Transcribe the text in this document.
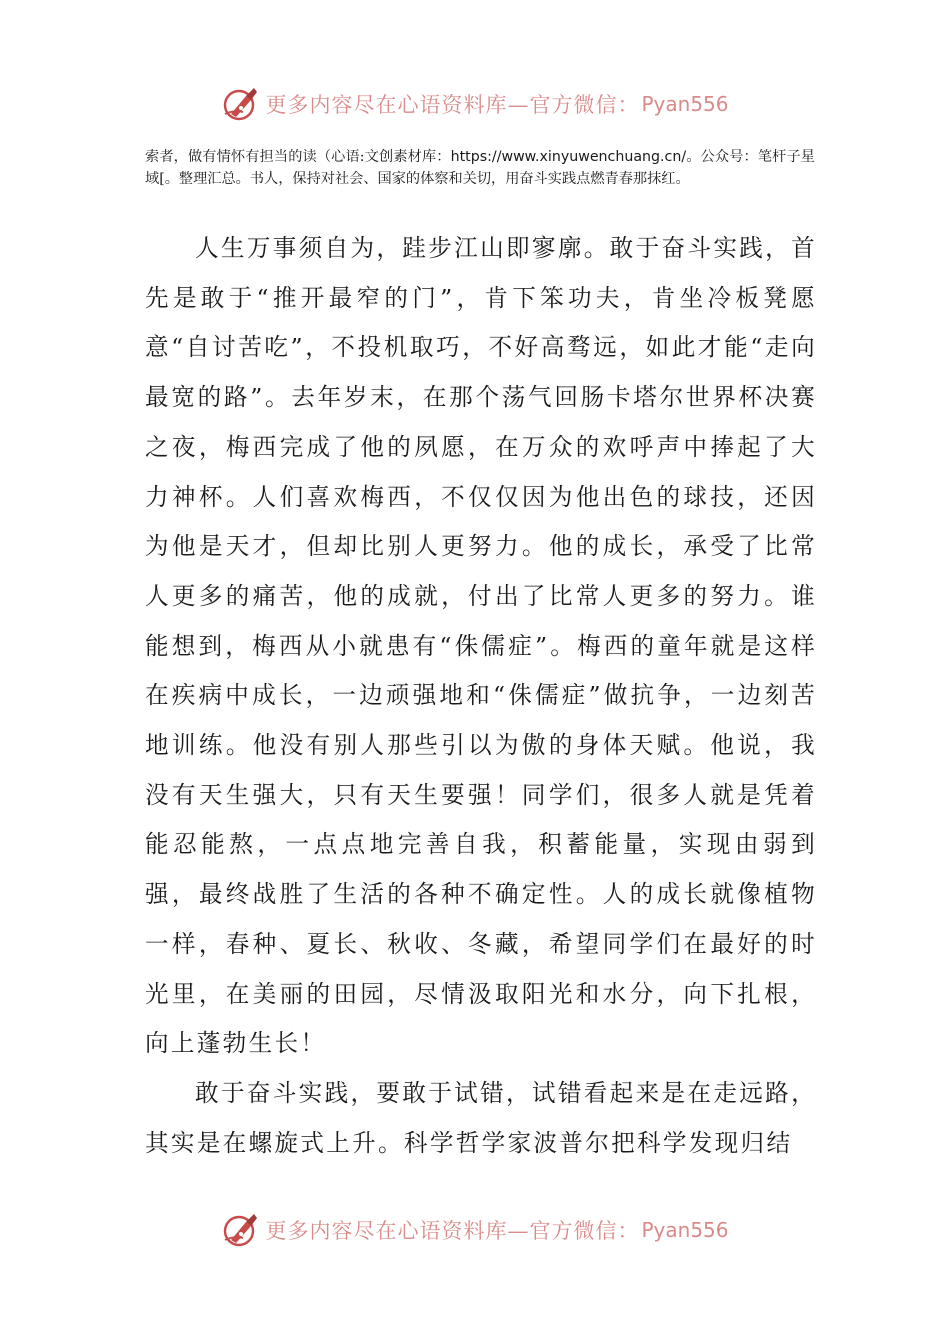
更多内容尽在心语资料库—官方微信： Pyan556
索者，做有情怀有担当的读（心语:文创素材库：https://www.xinyuwenchuang.cn/。公众号：笔杆子星域[。整理汇总。书人，保持对社会、国家的体察和关切，用奋斗实践点燃青春那抹红。

人生万事须自为，跬步江山即寥廓。敢于奋斗实践，首先是敢于“推开最窄的门”，肯下笨功夫，肯坐冷板凳愿意“自讨苦吃”，不投机取巧，不好高骛远，如此才能“走向最宽的路”。去年岁末，在那个荡气回肠卡塔尔世界杯决赛之夜，梅西完成了他的夙愿，在万众的欢呼声中捧起了大力神杯。人们喜欢梅西，不仅仅因为他出色的球技，还因为他是天才，但却比别人更努力。他的成长，承受了比常人更多的痛苦，他的成就，付出了比常人更多的努力。谁能想到，梅西从小就患有“侏儒症”。梅西的童年就是这样在疾病中成长，一边顽强地和“侏儒症”做抗争，一边刻苦地训练。他没有别人那些引以为傲的身体天赋。他说，我没有天生强大，只有天生要强！同学们，很多人就是凭着能忍能熬，一点点地完善自我，积蓄能量，实现由弱到强，最终战胜了生活的各种不确定性。人的成长就像植物一样，春种、夏长、秋收、冬藏，希望同学们在最好的时光里，在美丽的田园，尽情汲取阳光和水分，向下扎根，向上蓬勃生长！

敢于奋斗实践，要敢于试错，试错看起来是在走远路，其实是在螺旋式上升。科学哲学家波普尔把科学发现归结

更多内容尽在心语资料库—官方微信： Pyan556
